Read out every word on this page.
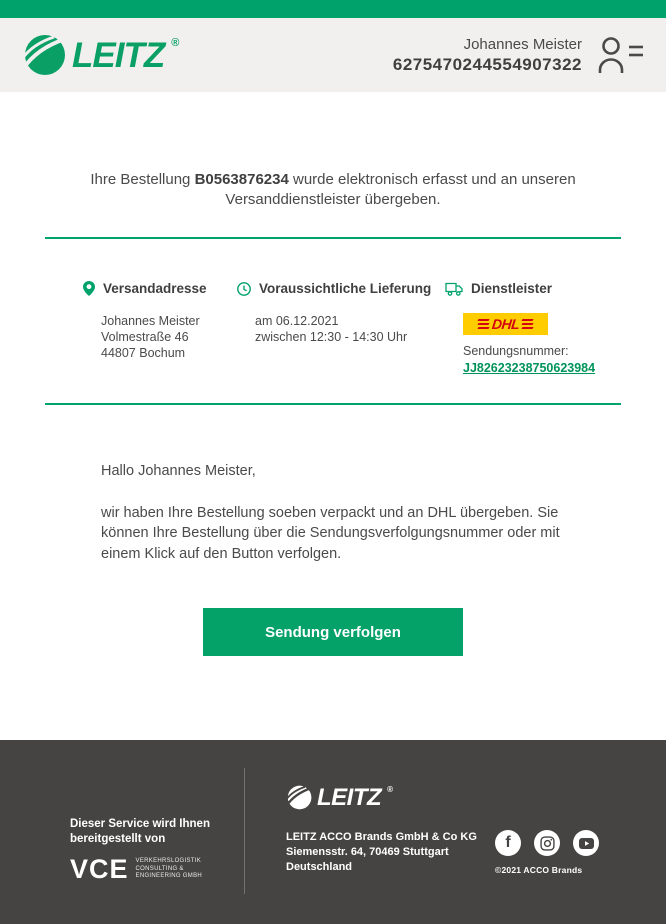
LEITZ ®	Johannes Meister
6275470244554907322
Ihre Bestellung B0563876234 wurde elektronisch erfasst und an unseren Versanddienstleister übergeben.
Versandadresse
Johannes Meister
Volmestraße 46
44807 Bochum
Voraussichtliche Lieferung
am 06.12.2021
zwischen 12:30 - 14:30 Uhr
Dienstleister
DHL
Sendungsnummer:
JJ82623238750623984
Hallo Johannes Meister,
wir haben Ihre Bestellung soeben verpackt und an DHL übergeben. Sie können Ihre Bestellung über die Sendungsverfolgungsnummer oder mit einem Klick auf den Button verfolgen.
Sendung verfolgen
Dieser Service wird Ihnen
bereitgestellt von
VCE VERKEHRSLOGISTIK
CONSULTING &
ENGINEERING GMBH
LEITZ ®
LEITZ ACCO Brands GmbH & Co KG
Siemensstr. 64, 70469 Stuttgart
Deutschland
f
©2021 ACCO Brands
